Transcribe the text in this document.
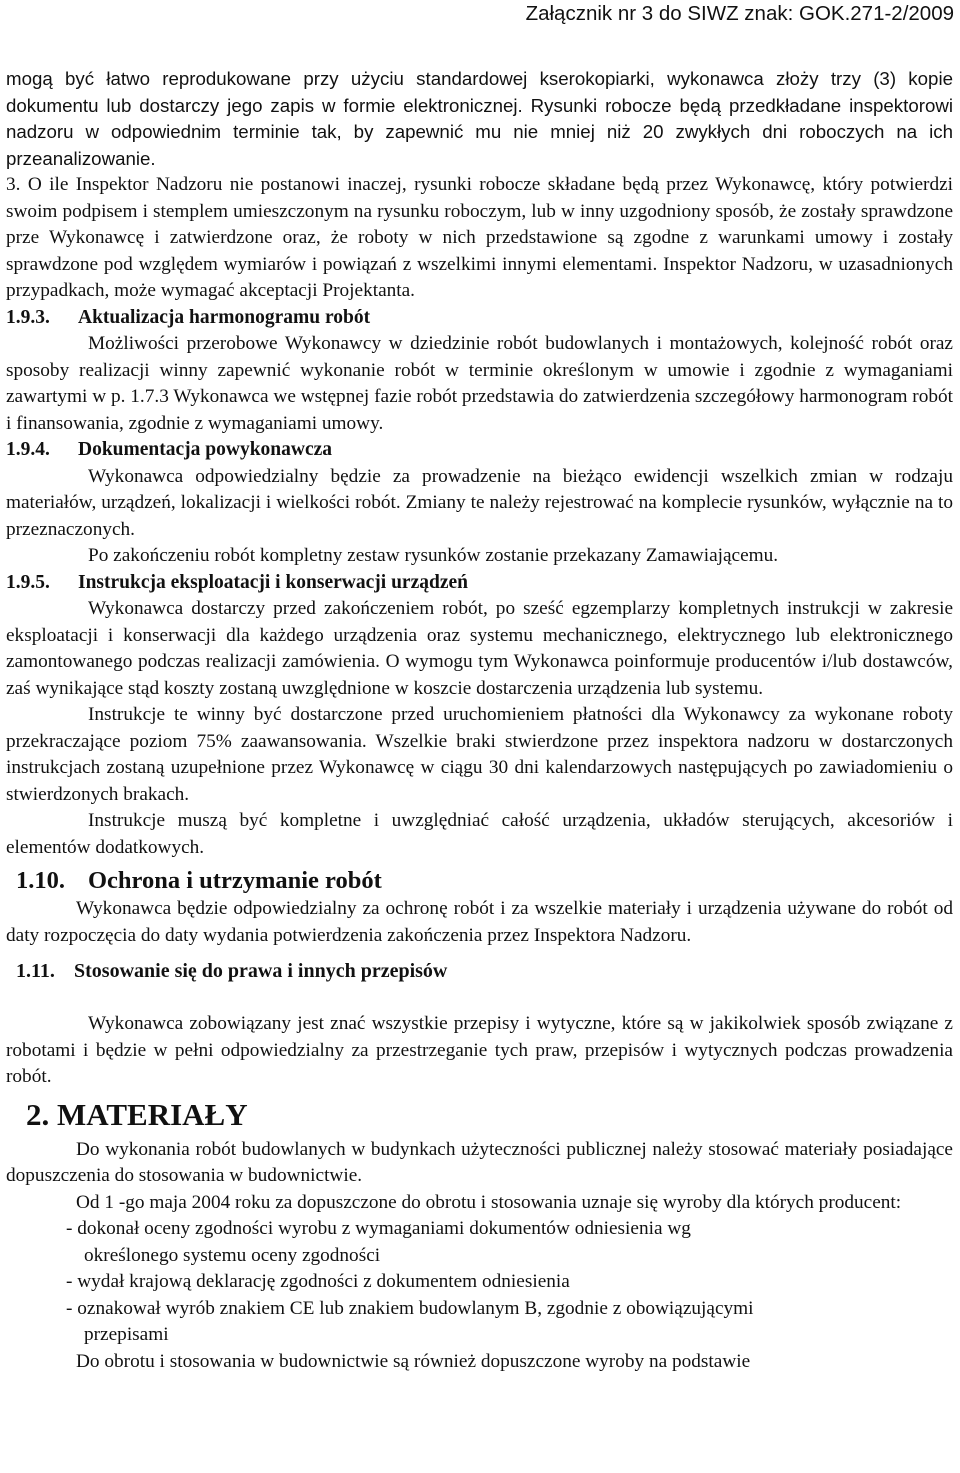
Załącznik nr 3 do SIWZ znak: GOK.271-2/2009

mogą być łatwo reprodukowane przy użyciu standardowej kserokopiarki, wykonawca złoży trzy (3) kopie dokumentu lub dostarczy jego zapis w formie elektronicznej. Rysunki robocze będą przedkładane inspektorowi nadzoru w odpowiednim terminie tak, by zapewnić mu nie mniej niż 20 zwykłych dni roboczych na ich przeanalizowanie.

3. O ile Inspektor Nadzoru nie postanowi inaczej, rysunki robocze składane będą przez Wykonawcę, który potwierdzi swoim podpisem i stemplem umieszczonym na rysunku roboczym, lub w inny uzgodniony sposób, że zostały sprawdzone prze Wykonawcę i zatwierdzone oraz, że roboty w nich przedstawione są zgodne z warunkami umowy i zostały sprawdzone pod względem wymiarów i powiązań z wszelkimi innymi elementami. Inspektor Nadzoru, w uzasadnionych przypadkach, może wymagać akceptacji Projektanta.

1.9.3. Aktualizacja harmonogramu robót

Możliwości przerobowe Wykonawcy w dziedzinie robót budowlanych i montażowych, kolejność robót oraz sposoby realizacji winny zapewnić wykonanie robót w terminie określonym w umowie i zgodnie z wymaganiami zawartymi w p. 1.7.3 Wykonawca we wstępnej fazie robót przedstawia do zatwierdzenia szczegółowy harmonogram robót i finansowania, zgodnie z wymaganiami umowy.

1.9.4. Dokumentacja powykonawcza

Wykonawca odpowiedzialny będzie za prowadzenie na bieżąco ewidencji wszelkich zmian w rodzaju materiałów, urządzeń, lokalizacji i wielkości robót. Zmiany te należy rejestrować na komplecie rysunków, wyłącznie na to przeznaczonych.

Po zakończeniu robót kompletny zestaw rysunków zostanie przekazany Zamawiającemu.

1.9.5. Instrukcja eksploatacji i konserwacji urządzeń

Wykonawca dostarczy przed zakończeniem robót, po sześć egzemplarzy kompletnych instrukcji w zakresie eksploatacji i konserwacji dla każdego urządzenia oraz systemu mechanicznego, elektrycznego lub elektronicznego zamontowanego podczas realizacji zamówienia. O wymogu tym Wykonawca poinformuje producentów i/lub dostawców, zaś wynikające stąd koszty zostaną uwzględnione w koszcie dostarczenia urządzenia lub systemu.

Instrukcje te winny być dostarczone przed uruchomieniem płatności dla Wykonawcy za wykonane roboty przekraczające poziom 75% zaawansowania. Wszelkie braki stwierdzone przez inspektora nadzoru w dostarczonych instrukcjach zostaną uzupełnione przez Wykonawcę w ciągu 30 dni kalendarzowych następujących po zawiadomieniu o stwierdzonych brakach.

Instrukcje muszą być kompletne i uwzględniać całość urządzenia, układów sterujących, akcesoriów i elementów dodatkowych.

1.10. Ochrona i utrzymanie robót

Wykonawca będzie odpowiedzialny za ochronę robót i za wszelkie materiały i urządzenia używane do robót od daty rozpoczęcia do daty wydania potwierdzenia zakończenia przez Inspektora Nadzoru.

1.11. Stosowanie się do prawa i innych przepisów

Wykonawca zobowiązany jest znać wszystkie przepisy i wytyczne, które są w jakikolwiek sposób związane z robotami i będzie w pełni odpowiedzialny za przestrzeganie tych praw, przepisów i wytycznych podczas prowadzenia robót.

2. MATERIAŁY

Do wykonania robót budowlanych w budynkach użyteczności publicznej należy stosować materiały posiadające dopuszczenia do stosowania w budownictwie.

Od 1 -go maja 2004 roku za dopuszczone do obrotu i stosowania uznaje się wyroby dla których producent:

- dokonał oceny zgodności wyrobu z wymaganiami dokumentów odniesienia wg

określonego systemu oceny zgodności

- wydał krajową deklarację zgodności z dokumentem odniesienia

- oznakował wyrób znakiem CE lub znakiem budowlanym B, zgodnie z obowiązującymi

przepisami

Do obrotu i stosowania w budownictwie są również dopuszczone wyroby na podstawie
